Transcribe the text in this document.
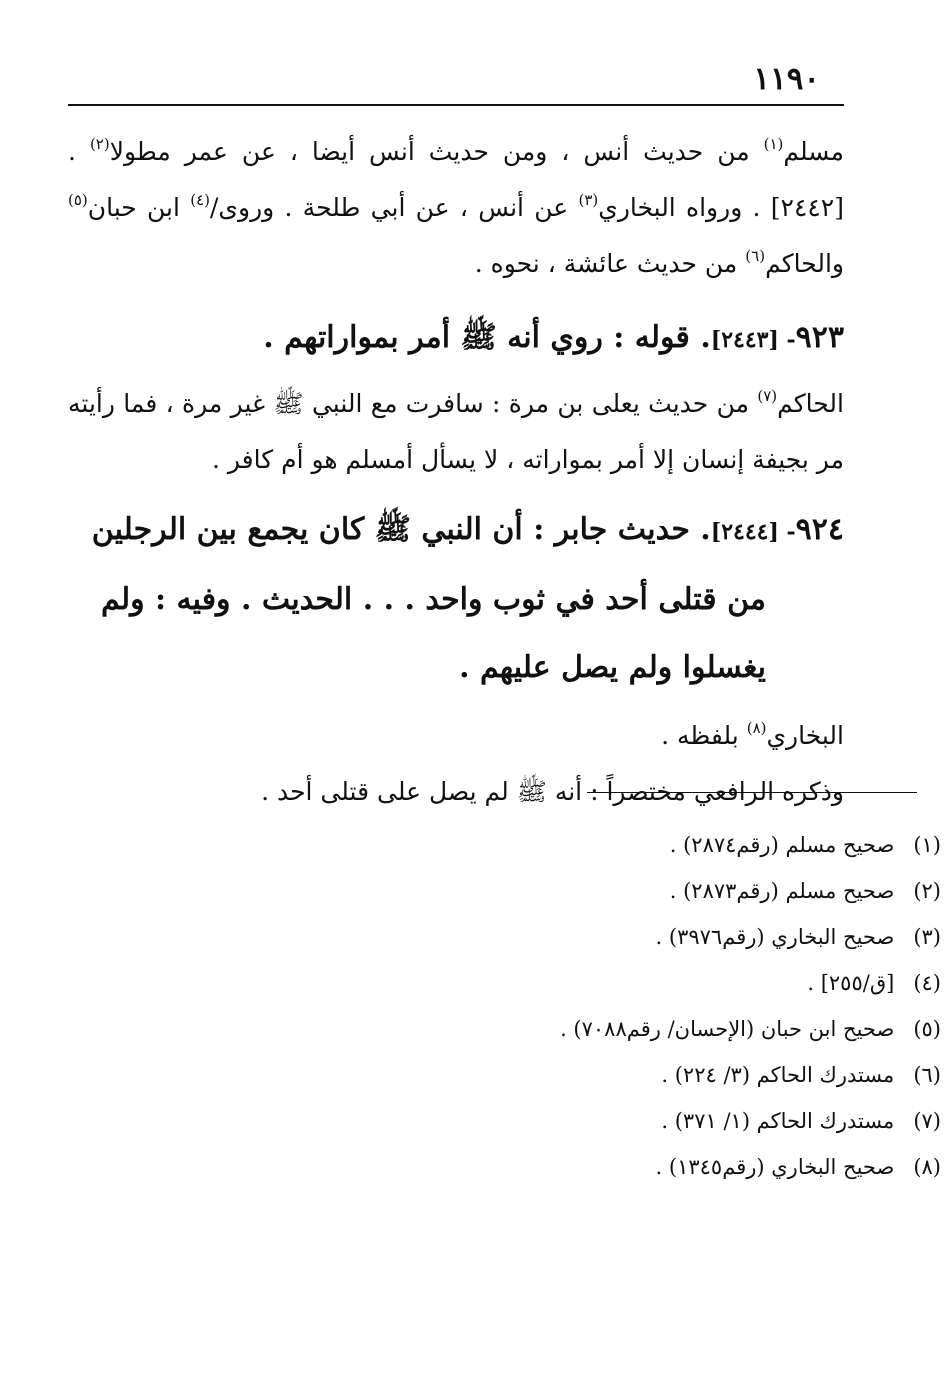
١١٩٠

مسلم$^{(١)}$ من حديث أنس ، ومن حديث أنس أيضا ، عن عمر مطولا$^{(٢)}$ . [٢٤٤٢] . ورواه البخاري$^{(٣)}$ عن أنس ، عن أبي طلحة . وروى/$^{(٤)}$ ابن حبان$^{(٥)}$ والحاكم$^{(٦)}$ من حديث عائشة ، نحوه .

٩٢٣- [٢٤٤٣]. قوله : روي أنه ﷺ أمر بمواراتهم .

الحاكم$^{(٧)}$ من حديث يعلى بن مرة : سافرت مع النبي ﷺ غير مرة ، فما رأيته مر بجيفة إنسان إلا أمر بمواراته ، لا يسأل أمسلم هو أم كافر .

٩٢٤- [٢٤٤٤]. حديث جابر : أن النبي ﷺ كان يجمع بين الرجلين
من قتلى أحد في ثوب واحد . . . الحديث . وفيه : ولم
يغسلوا ولم يصل عليهم .

البخاري$^{(٨)}$ بلفظه .

وذكره الرافعي مختصراً : أنه ﷺ لم يصل على قتلى أحد .

(١) صحيح مسلم (رقم٢٨٧٤) .
(٢) صحيح مسلم (رقم٢٨٧٣) .
(٣) صحيح البخاري (رقم٣٩٧٦) .
(٤) [ق/٢٥٥] .
(٥) صحيح ابن حبان (الإحسان/ رقم٧٠٨٨) .
(٦) مستدرك الحاكم (٣/ ٢٢٤) .
(٧) مستدرك الحاكم (١/ ٣٧١) .
(٨) صحيح البخاري (رقم١٣٤٥) .
